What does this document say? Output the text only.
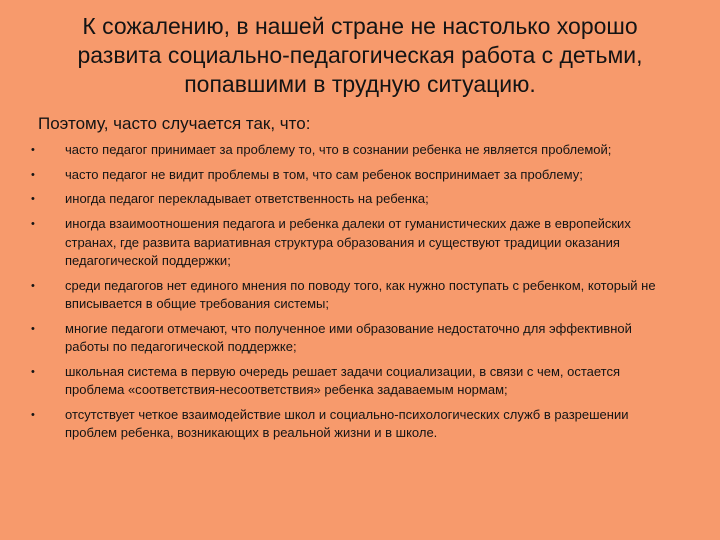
К сожалению, в нашей стране не настолько хорошо развита социально-педагогическая работа с детьми, попавшими в трудную ситуацию.

Поэтому, часто случается так, что:

• часто педагог принимает за проблему то, что в сознании ребенка не является проблемой;
• часто педагог не видит проблемы в том, что сам ребенок воспринимает за проблему;
• иногда педагог перекладывает ответственность на ребенка;
• иногда взаимоотношения педагога и ребенка далеки от гуманистических даже в европейских странах, где развита вариативная структура образования и существуют традиции оказания педагогической поддержки;
• среди педагогов нет единого мнения по поводу того, как нужно поступать с ребенком, который не вписывается в общие требования системы;
• многие педагоги отмечают, что полученное ими образование недостаточно для эффективной работы по педагогической поддержке;
• школьная система в первую очередь решает задачи социализации, в связи с чем, остается проблема «соответствия-несоответствия» ребенка задаваемым нормам;
• отсутствует четкое взаимодействие школ и социально-психологических служб в разрешении проблем ребенка, возникающих в реальной жизни и в школе.
